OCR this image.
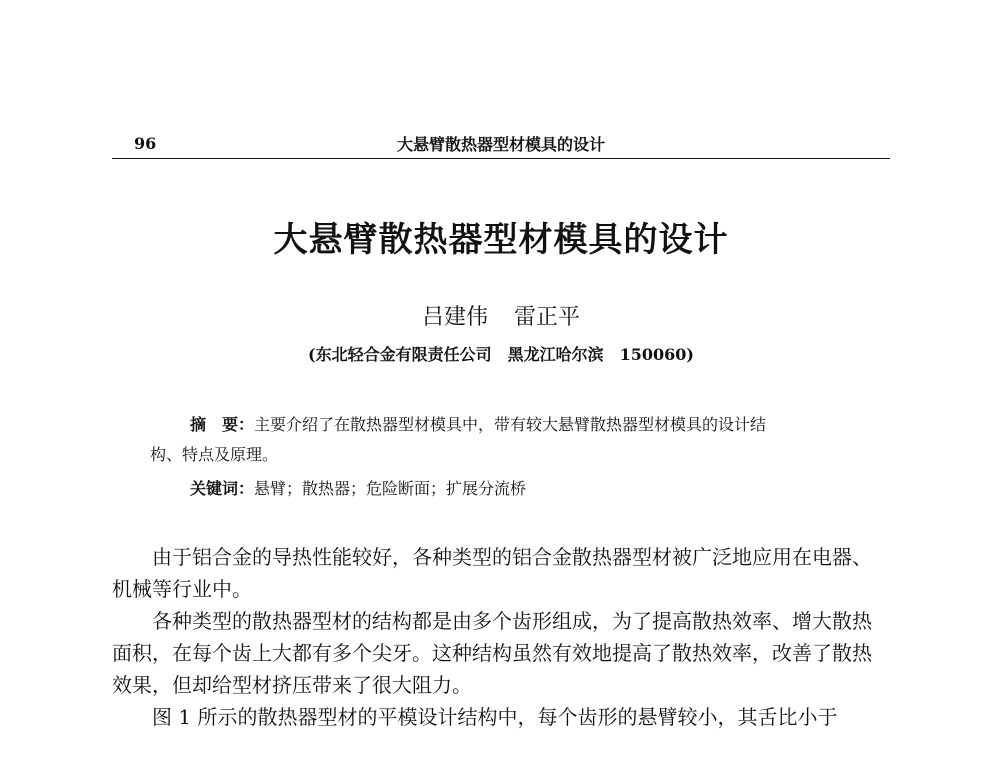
96	大悬臂散热器型材模具的设计
大悬臂散热器型材模具的设计
吕建伟 雷正平
(东北轻合金有限责任公司　黑龙江哈尔滨　150060)
摘　要：主要介绍了在散热器型材模具中，带有较大悬臂散热器型材模具的设计结
构、特点及原理。
关键词：悬臂；散热器；危险断面；扩展分流桥

由于铝合金的导热性能较好，各种类型的铝合金散热器型材被广泛地应用在电器、机械等行业中。

各种类型的散热器型材的结构都是由多个齿形组成，为了提高散热效率、增大散热面积，在每个齿上大都有多个尖牙。这种结构虽然有效地提高了散热效率，改善了散热效果，但却给型材挤压带来了很大阻力。

图 1 所示的散热器型材的平模设计结构中，每个齿形的悬臂较小，其舌比小于
